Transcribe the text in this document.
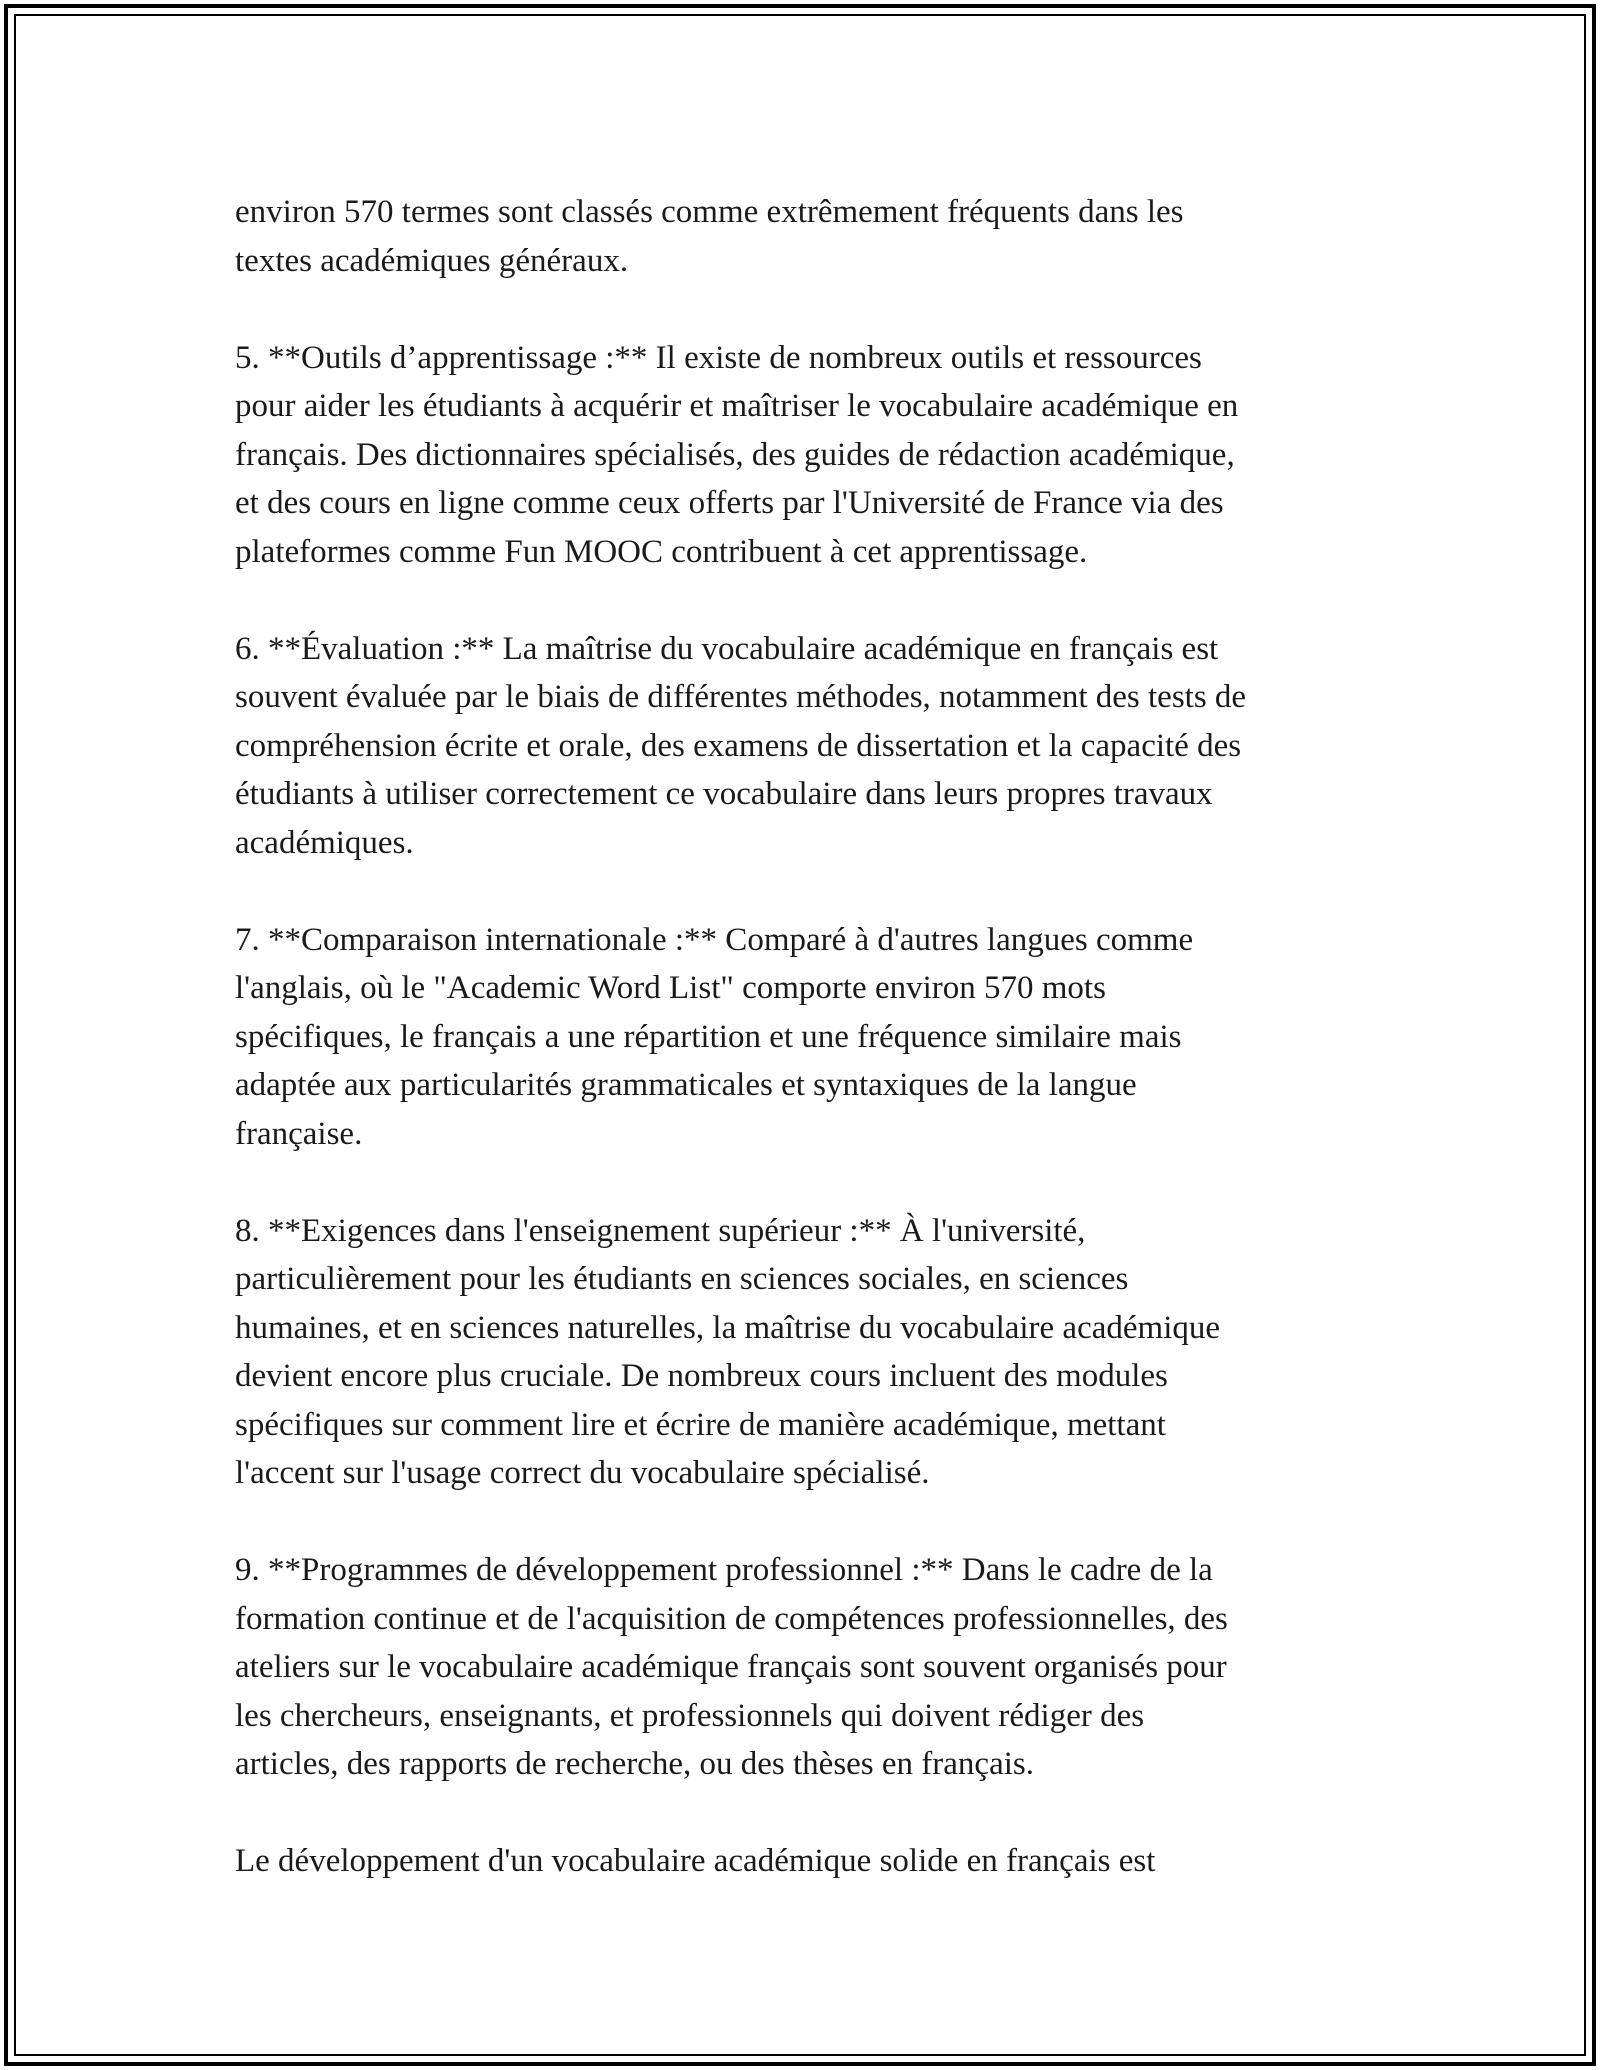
environ 570 termes sont classés comme extrêmement fréquents dans les
textes académiques généraux.

5. **Outils d’apprentissage :** Il existe de nombreux outils et ressources
pour aider les étudiants à acquérir et maîtriser le vocabulaire académique en
français. Des dictionnaires spécialisés, des guides de rédaction académique,
et des cours en ligne comme ceux offerts par l'Université de France via des
plateformes comme Fun MOOC contribuent à cet apprentissage.

6. **Évaluation :** La maîtrise du vocabulaire académique en français est
souvent évaluée par le biais de différentes méthodes, notamment des tests de
compréhension écrite et orale, des examens de dissertation et la capacité des
étudiants à utiliser correctement ce vocabulaire dans leurs propres travaux
académiques.

7. **Comparaison internationale :** Comparé à d'autres langues comme
l'anglais, où le "Academic Word List" comporte environ 570 mots
spécifiques, le français a une répartition et une fréquence similaire mais
adaptée aux particularités grammaticales et syntaxiques de la langue
française.

8. **Exigences dans l'enseignement supérieur :** À l'université,
particulièrement pour les étudiants en sciences sociales, en sciences
humaines, et en sciences naturelles, la maîtrise du vocabulaire académique
devient encore plus cruciale. De nombreux cours incluent des modules
spécifiques sur comment lire et écrire de manière académique, mettant
l'accent sur l'usage correct du vocabulaire spécialisé.

9. **Programmes de développement professionnel :** Dans le cadre de la
formation continue et de l'acquisition de compétences professionnelles, des
ateliers sur le vocabulaire académique français sont souvent organisés pour
les chercheurs, enseignants, et professionnels qui doivent rédiger des
articles, des rapports de recherche, ou des thèses en français.

Le développement d'un vocabulaire académique solide en français est
